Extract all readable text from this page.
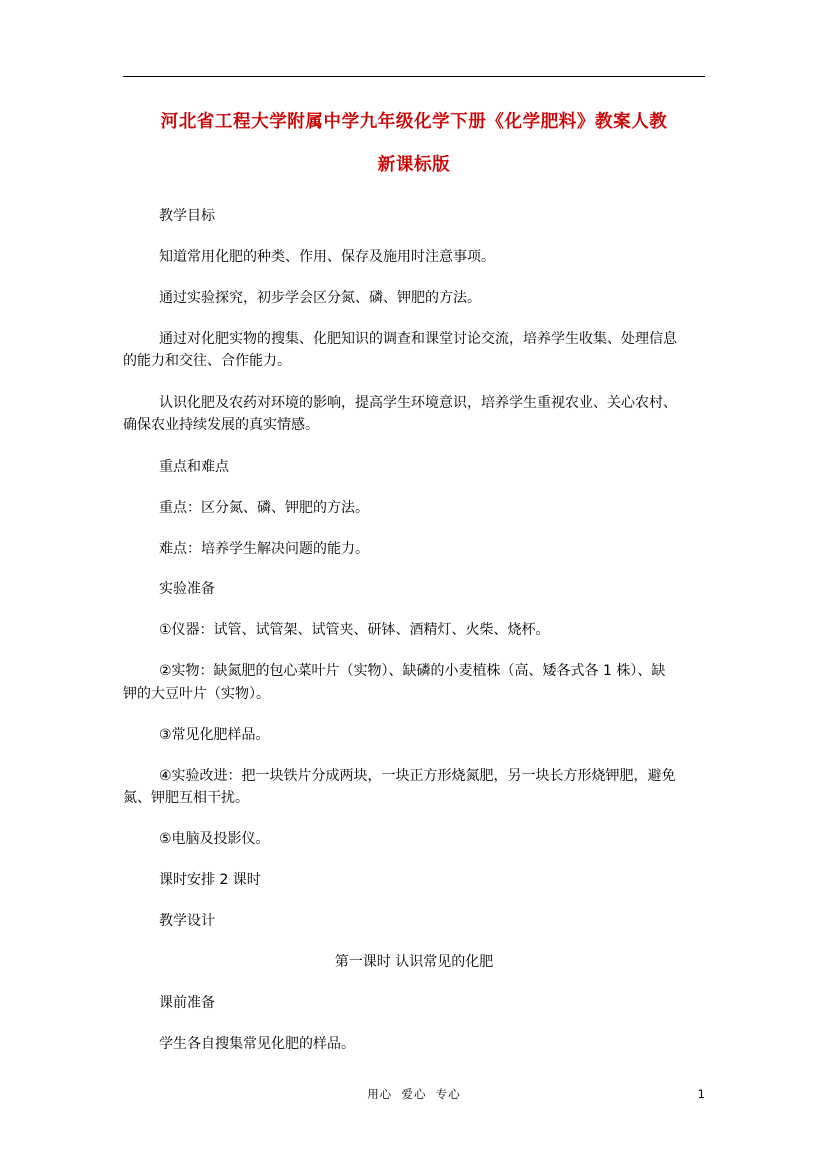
河北省工程大学附属中学九年级化学下册《化学肥料》教案人教
新课标版
教学目标
知道常用化肥的种类、作用、保存及施用时注意事项。
通过实验探究，初步学会区分氮、磷、钾肥的方法。
通过对化肥实物的搜集、化肥知识的调查和课堂讨论交流，培养学生收集、处理信息
的能力和交往、合作能力。
认识化肥及农药对环境的影响，提高学生环境意识，培养学生重视农业、关心农村、
确保农业持续发展的真实情感。
重点和难点
重点：区分氮、磷、钾肥的方法。
难点：培养学生解决问题的能力。
实验准备
①仪器：试管、试管架、试管夹、研钵、酒精灯、火柴、烧杯。
②实物：缺氮肥的包心菜叶片（实物）、缺磷的小麦植株（高、矮各式各 1 株）、缺
钾的大豆叶片（实物）。
③常见化肥样品。
④实验改进：把一块铁片分成两块，一块正方形烧氮肥，另一块长方形烧钾肥，避免
氮、钾肥互相干扰。
⑤电脑及投影仪。
课时安排 2 课时
教学设计
第一课时 认识常见的化肥
课前准备
学生各自搜集常见化肥的样品。
用心  爱心  专心	1
